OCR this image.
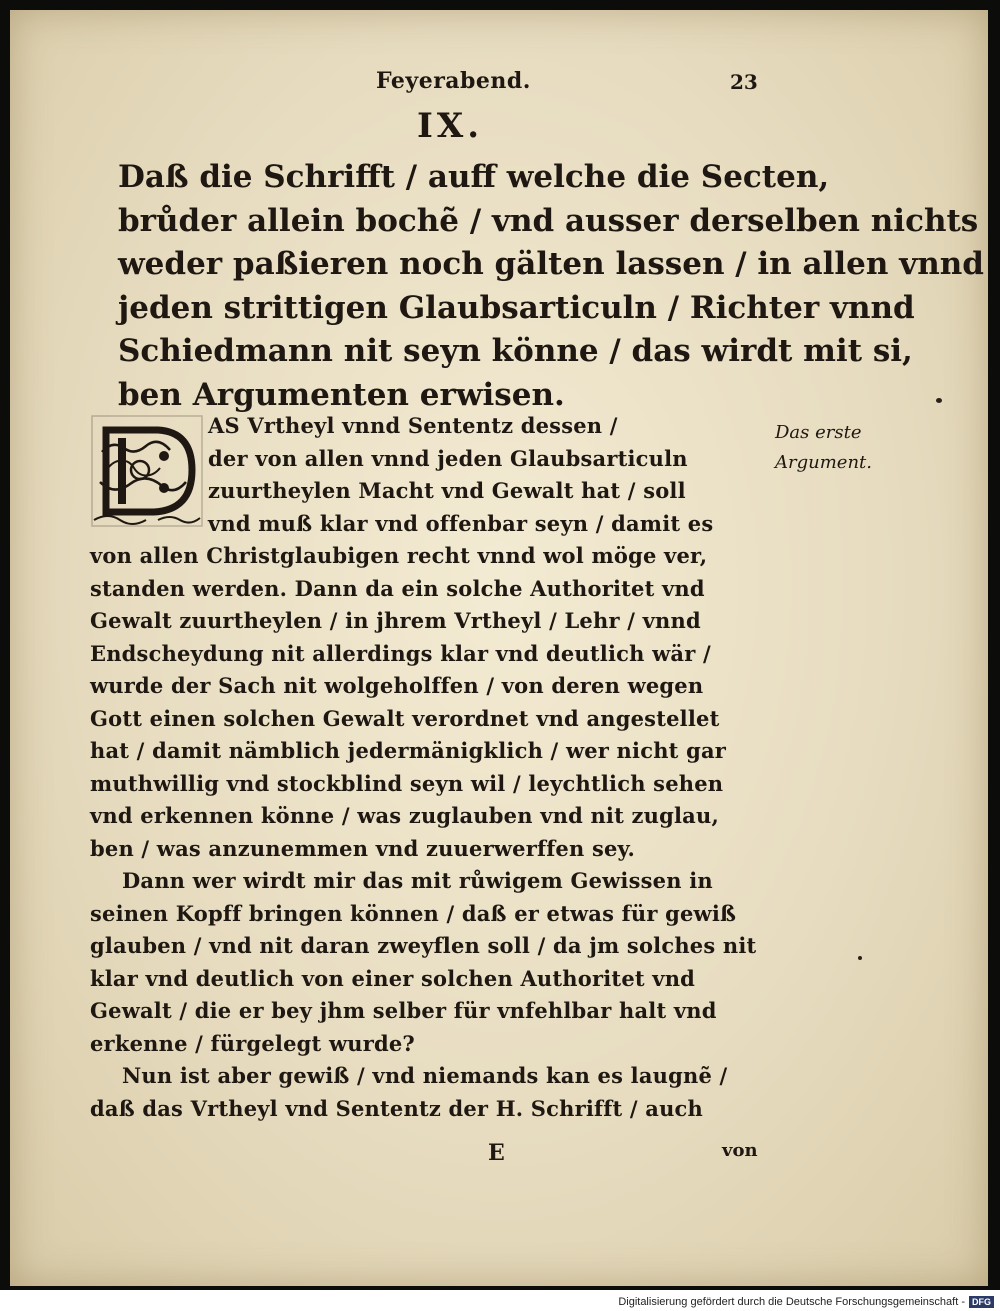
Feyerabend.	23
IX.
Daß die Schrifft / auff welche die Secten,
brůder allein bochẽ / vnd ausser derselben nichts
weder paßieren noch gälten lassen / in allen vnnd
jeden strittigen Glaubsarticuln / Richter vnnd
Schiedmann nit seyn könne / das wirdt mit si,
ben Argumenten erwisen.
Das erste
Argument.
AS Vrtheyl vnnd Sententz dessen /
der von allen vnnd jeden Glaubsarticuln
zuurtheylen Macht vnd Gewalt hat / soll
vnd muß klar vnd offenbar seyn / damit es
von allen Christglaubigen recht vnnd wol möge ver,
standen werden. Dann da ein solche Authoritet vnd
Gewalt zuurtheylen / in jhrem Vrtheyl / Lehr / vnnd
Endscheydung nit allerdings klar vnd deutlich wär /
wurde der Sach nit wolgeholffen / von deren wegen
Gott einen solchen Gewalt verordnet vnd angestellet
hat / damit nämblich jedermänigklich / wer nicht gar
muthwillig vnd stockblind seyn wil / leychtlich sehen
vnd erkennen könne / was zuglauben vnd nit zuglau,
ben / was anzunemmen vnd zuuerwerffen sey.
Dann wer wirdt mir das mit růwigem Gewissen in
seinen Kopff bringen können / daß er etwas für gewiß
glauben / vnd nit daran zweyflen soll / da jm solches nit
klar vnd deutlich von einer solchen Authoritet vnd
Gewalt / die er bey jhm selber für vnfehlbar halt vnd
erkenne / fürgelegt wurde?
Nun ist aber gewiß / vnd niemands kan es laugnẽ /
daß das Vrtheyl vnd Sententz der H. Schrifft / auch
E	von
Digitalisierung gefördert durch die Deutsche Forschungsgemeinschaft - DFG
